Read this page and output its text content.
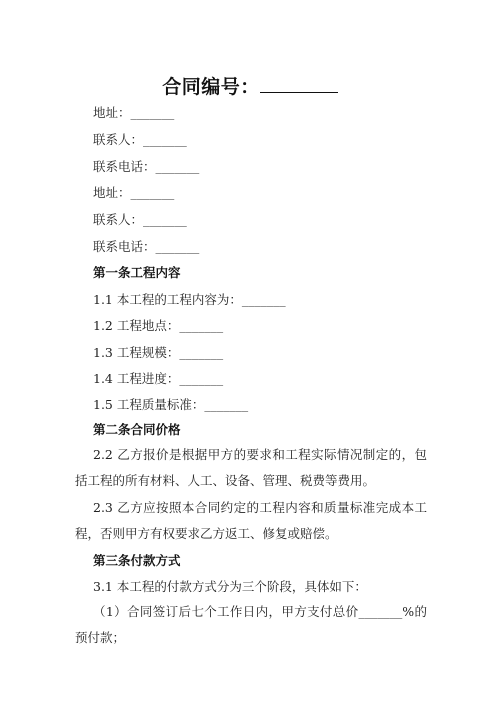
合同编号：
地址：_______
联系人：_______
联系电话：_______
地址：_______
联系人：_______
联系电话：_______
第一条工程内容
1.1 本工程的工程内容为：_______
1.2 工程地点：_______
1.3 工程规模：_______
1.4 工程进度：_______
1.5 工程质量标准：_______
第二条合同价格
2.2 乙方报价是根据甲方的要求和工程实际情况制定的，包括工程的所有材料、人工、设备、管理、税费等费用。
2.3 乙方应按照本合同约定的工程内容和质量标准完成本工程，否则甲方有权要求乙方返工、修复或赔偿。
第三条付款方式
3.1 本工程的付款方式分为三个阶段，具体如下：
（1）合同签订后七个工作日内，甲方支付总价_______%的预付款；
